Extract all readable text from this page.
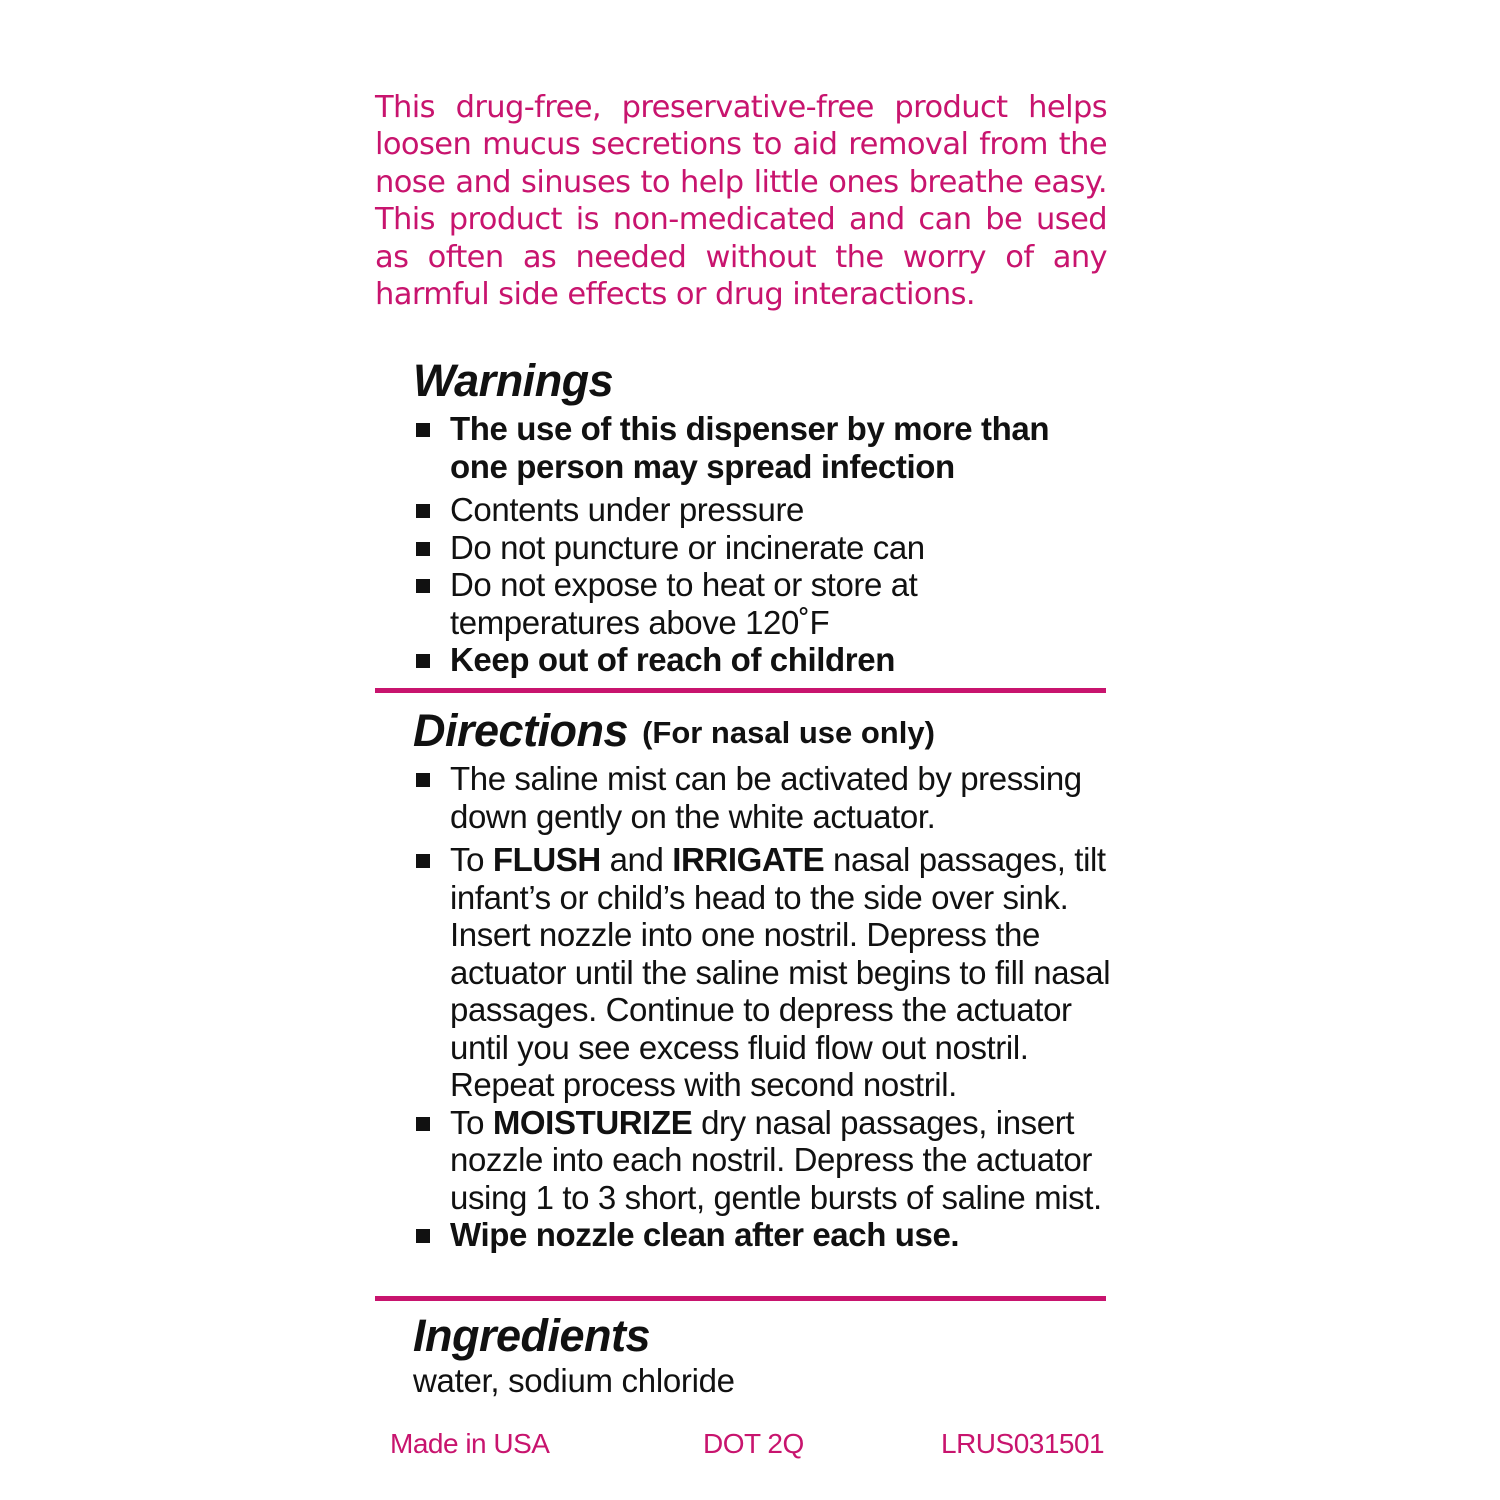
This drug-free, preservative-free product helps loosen mucus secretions to aid removal from the nose and sinuses to help little ones breathe easy. This product is non-medicated and can be used as often as needed without the worry of any harmful side effects or drug interactions.

Warnings
The use of this dispenser by more than one person may spread infection
Contents under pressure
Do not puncture or incinerate can
Do not expose to heat or store at temperatures above 120˚F
Keep out of reach of children
Directions (For nasal use only)
The saline mist can be activated by pressing down gently on the white actuator.
To FLUSH and IRRIGATE nasal passages, tilt infant’s or child’s head to the side over sink. Insert nozzle into one nostril. Depress the actuator until the saline mist begins to fill nasal passages. Continue to depress the actuator until you see excess fluid flow out nostril. Repeat process with second nostril.
To MOISTURIZE dry nasal passages, insert nozzle into each nostril. Depress the actuator using 1 to 3 short, gentle bursts of saline mist.
Wipe nozzle clean after each use.
Ingredients

water, sodium chloride

Made in USA	DOT 2Q	LRUS031501
